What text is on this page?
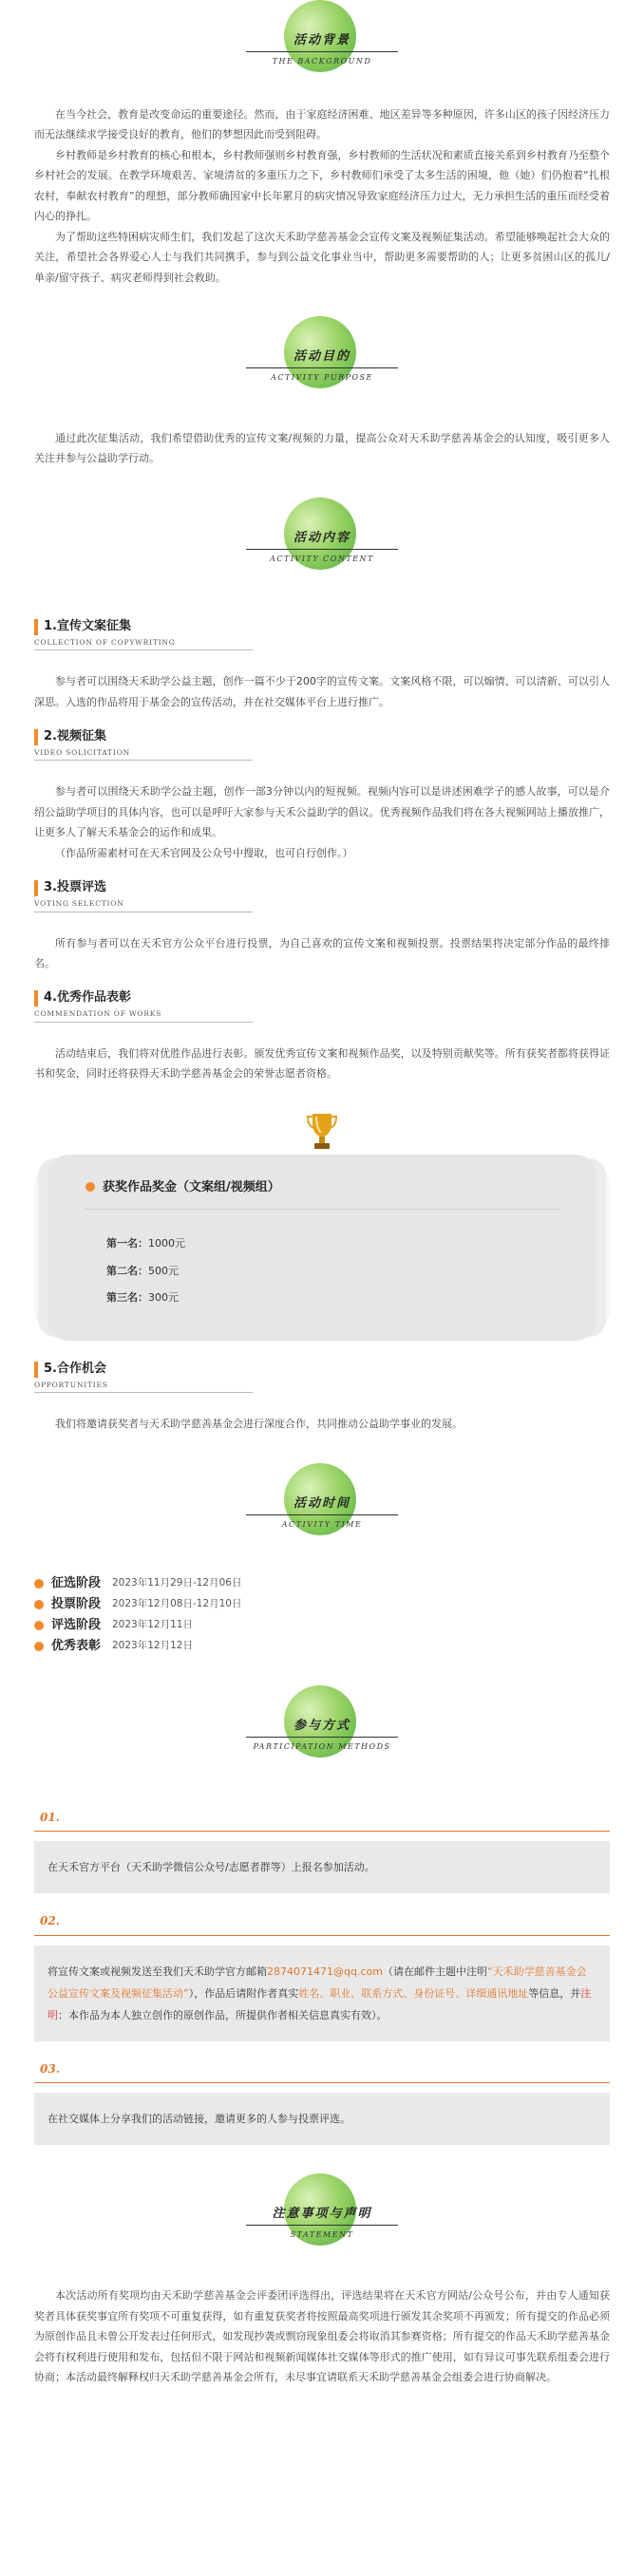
活动背景
THE BACKGROUND

在当今社会，教育是改变命运的重要途径。然而，由于家庭经济困难、地区差异等多种原因，许多山区的孩子因经济压力而无法继续求学接受良好的教育，他们的梦想因此而受到阻碍。

乡村教师是乡村教育的核心和根本，乡村教师强则乡村教育强，乡村教师的生活状况和素质直接关系到乡村教育乃至整个乡村社会的发展。在教学环境艰苦、家境清贫的多重压力之下，乡村教师们承受了太多生活的困境，他（她）们仍抱着“扎根农村，奉献农村教育”的理想，部分教师确因家中长年累月的病灾情况导致家庭经济压力过大，无力承担生活的重压而经受着内心的挣扎。

为了帮助这些特困病灾师生们，我们发起了这次天禾助学慈善基金会宣传文案及视频征集活动。希望能够唤起社会大众的关注，希望社会各界爱心人士与我们共同携手，参与到公益文化事业当中，帮助更多需要帮助的人；让更多贫困山区的孤儿/单亲/留守孩子、病灾老师得到社会救助。

活动目的
ACTIVITY PURPOSE

通过此次征集活动，我们希望借助优秀的宣传文案/视频的力量，提高公众对天禾助学慈善基金会的认知度，吸引更多人关注并参与公益助学行动。

活动内容
ACTIVITY CONTENT
1.宣传文案征集
COLLECTION OF COPYWRITING

参与者可以围绕天禾助学公益主题，创作一篇不少于200字的宣传文案。文案风格不限，可以煽情、可以清新、可以引人深思。入选的作品将用于基金会的宣传活动，并在社交媒体平台上进行推广。

2.视频征集
VIDEO SOLICITATION

参与者可以围绕天禾助学公益主题，创作一部3分钟以内的短视频。视频内容可以是讲述困难学子的感人故事，可以是介绍公益助学项目的具体内容，也可以是呼吁大家参与天禾公益助学的倡议。优秀视频作品我们将在各大视频网站上播放推广，让更多人了解天禾基金会的运作和成果。

（作品所需素材可在天禾官网及公众号中搜取，也可自行创作。）

3.投票评选
VOTING SELECTION

所有参与者可以在天禾官方公众平台进行投票，为自己喜欢的宣传文案和视频投票。投票结果将决定部分作品的最终排名。

4.优秀作品表彰
COMMENDATION OF WORKS

活动结束后，我们将对优胜作品进行表彰。颁发优秀宣传文案和视频作品奖，以及特别贡献奖等。所有获奖者都将获得证书和奖金，同时还将获得天禾助学慈善基金会的荣誉志愿者资格。

获奖作品奖金（文案组/视频组）
第一名：1000元
第二名：500元
第三名：300元
5.合作机会
OPPORTUNITIES

我们将邀请获奖者与天禾助学慈善基金会进行深度合作，共同推动公益助学事业的发展。

活动时间
ACTIVITY TIME
征选阶段	2023年11月29日-12月06日
投票阶段	2023年12月08日-12月10日
评选阶段	2023年12月11日
优秀表彰	2023年12月12日
参与方式
PARTICIPATION METHODS
01.
在天禾官方平台（天禾助学微信公众号/志愿者群等）上报名参加活动。
02.
将宣传文案或视频发送至我们天禾助学官方邮箱2874071471@qq.com（请在邮件主题中注明“天禾助学慈善基金会公益宣传文案及视频征集活动”），作品后请附作者真实姓名、职业、联系方式、身份证号、详细通讯地址等信息，并注明：本作品为本人独立创作的原创作品，所提供作者相关信息真实有效）。
03.
在社交媒体上分享我们的活动链接，邀请更多的人参与投票评选。
注意事项与声明
STATEMENT

本次活动所有奖项均由天禾助学慈善基金会评委团评选得出，评选结果将在天禾官方网站/公众号公布，并由专人通知获奖者具体获奖事宜所有奖项不可重复获得，如有重复获奖者将按照最高奖项进行颁发其余奖项不再颁发；所有提交的作品必须为原创作品且未曾公开发表过任何形式，如发现抄袭或剽窃现象组委会将取消其参赛资格；所有提交的作品天禾助学慈善基金会将有权利进行使用和发布，包括但不限于网站和视频新闻媒体社交媒体等形式的推广使用，如有异议可事先联系组委会进行协商；本活动最终解释权归天禾助学慈善基金会所有，未尽事宜请联系天禾助学慈善基金会组委会进行协商解决。
